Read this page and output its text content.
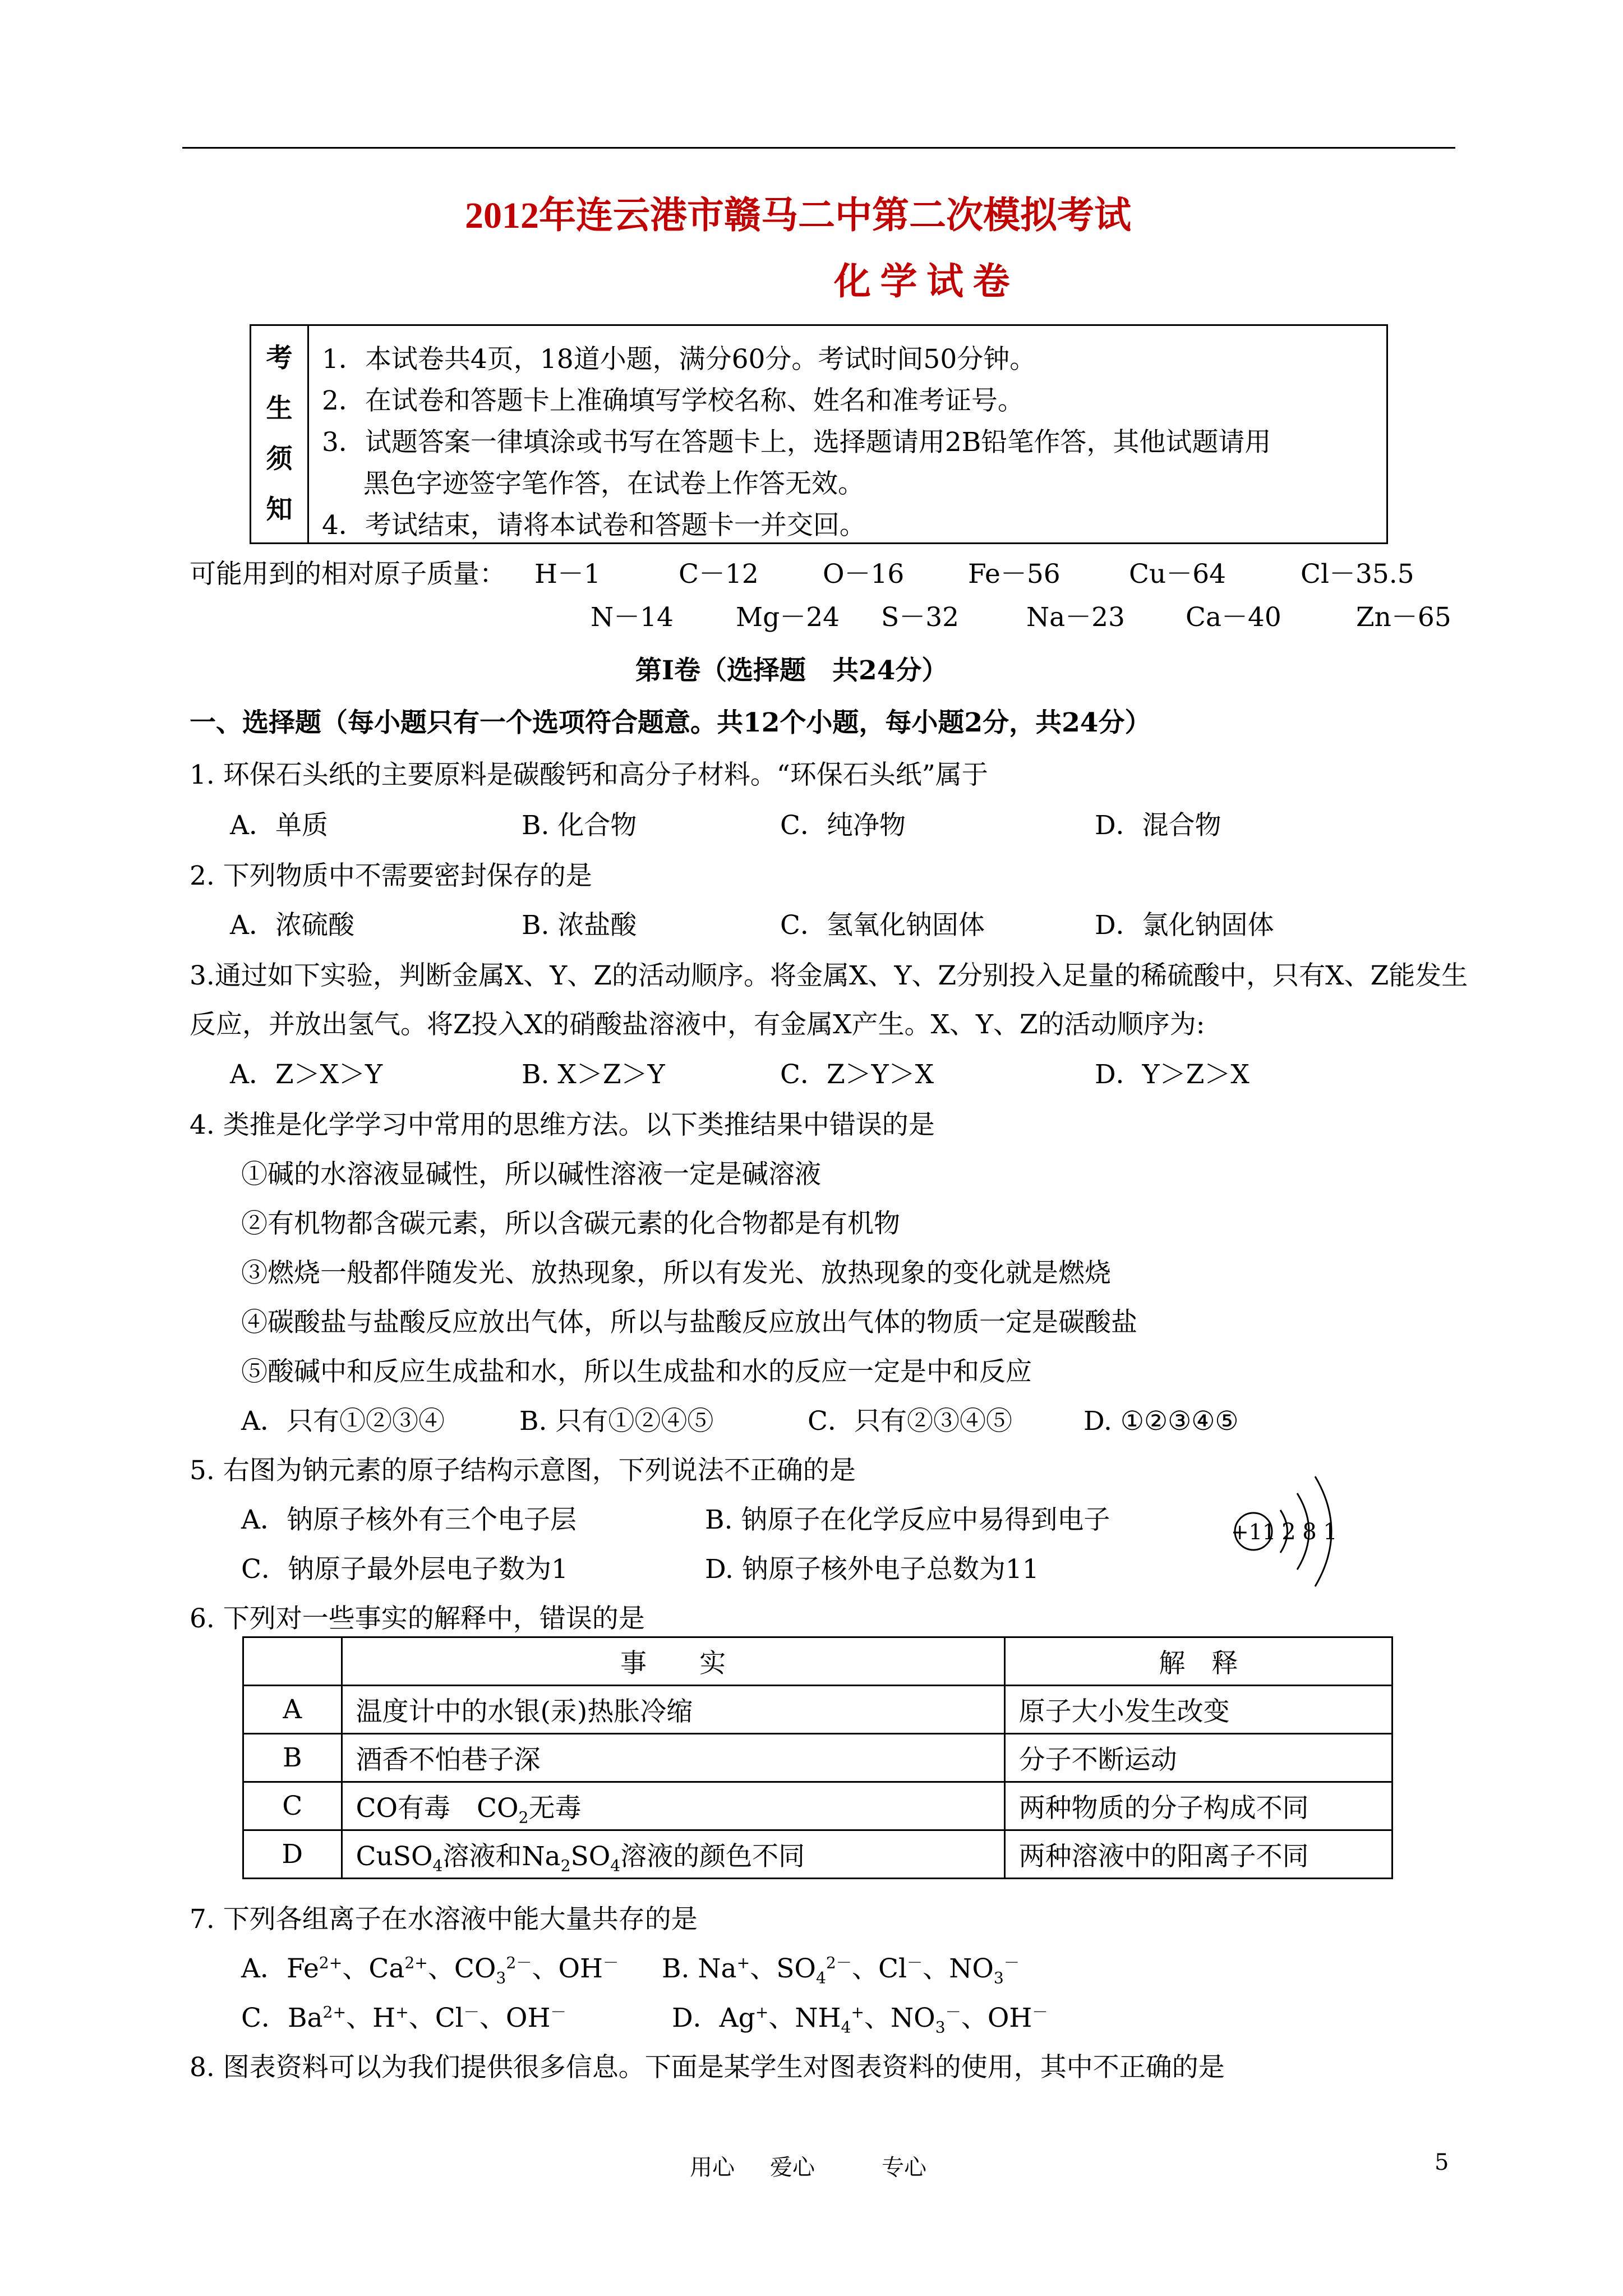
2012年连云港市赣马二中第二次模拟考试
化 学 试 卷
考
生
须
知
1．本试卷共4页，18道小题，满分60分。考试时间50分钟。
2．在试卷和答题卡上准确填写学校名称、姓名和准考证号。
3．试题答案一律填涂或书写在答题卡上，选择题请用2B铅笔作答，其他试题请用
黑色字迹签字笔作答，在试卷上作答无效。
4．考试结束，请将本试卷和答题卡一并交回。
可能用到的相对原子质量： H－1	C－12 O－16 Fe－56	Cu－64	Cl－35.5
N－14 Mg－24 S－32	Na－23 Ca－40	Zn－65
第Ⅰ卷（选择题　共24分）
一、选择题（每小题只有一个选项符合题意。共12个小题，每小题2分，共24分）
1. 环保石头纸的主要原料是碳酸钙和高分子材料。“环保石头纸”属于
A．单质	B. 化合物	C．纯净物	D．混合物
2. 下列物质中不需要密封保存的是
A．浓硫酸	B. 浓盐酸	C．氢氧化钠固体	D．氯化钠固体
3.通过如下实验，判断金属X、Y、Z的活动顺序。将金属X、Y、Z分别投入足量的稀硫酸中，只有X、Z能发生
反应，并放出氢气。将Z投入X的硝酸盐溶液中，有金属X产生。X、Y、Z的活动顺序为:
A．Z＞X＞Y	B. X＞Z＞Y	C．Z＞Y＞X	D．Y＞Z＞X
4. 类推是化学学习中常用的思维方法。以下类推结果中错误的是
①碱的水溶液显碱性，所以碱性溶液一定是碱溶液
②有机物都含碳元素，所以含碳元素的化合物都是有机物
③燃烧一般都伴随发光、放热现象，所以有发光、放热现象的变化就是燃烧
④碳酸盐与盐酸反应放出气体，所以与盐酸反应放出气体的物质一定是碳酸盐
⑤酸碱中和反应生成盐和水，所以生成盐和水的反应一定是中和反应
A．只有①②③④	B. 只有①②④⑤	C．只有②③④⑤	D. ①②③④⑤
5. 右图为钠元素的原子结构示意图，下列说法不正确的是
A．钠原子核外有三个电子层	B. 钠原子在化学反应中易得到电子
C．钠原子最外层电子数为1	D. 钠原子核外电子总数为11
+11 2 8 1
6. 下列对一些事实的解释中，错误的是
	事　　实	解　释
A	温度计中的水银(汞)热胀冷缩	原子大小发生改变
B	酒香不怕巷子深	分子不断运动
C	CO有毒　$CO_2$无毒	两种物质的分子构成不同
D	CuSO$_4$溶液和$Na_2SO_4$溶液的颜色不同	两种溶液中的阳离子不同
7. 下列各组离子在水溶液中能大量共存的是
A．$Fe^{2+}$、$Ca^{2+}$、$CO_3^{2-}$、OH－ B. Na+、$SO_4^{2-}$、Cl－、$NO_3^-$
C．$Ba^{2+}$、H+、Cl－、OH－	D．Ag+、$NH_4^+$、$NO_3^-$、OH－
8. 图表资料可以为我们提供很多信息。下面是某学生对图表资料的使用，其中不正确的是
用心 爱心	专心	5
